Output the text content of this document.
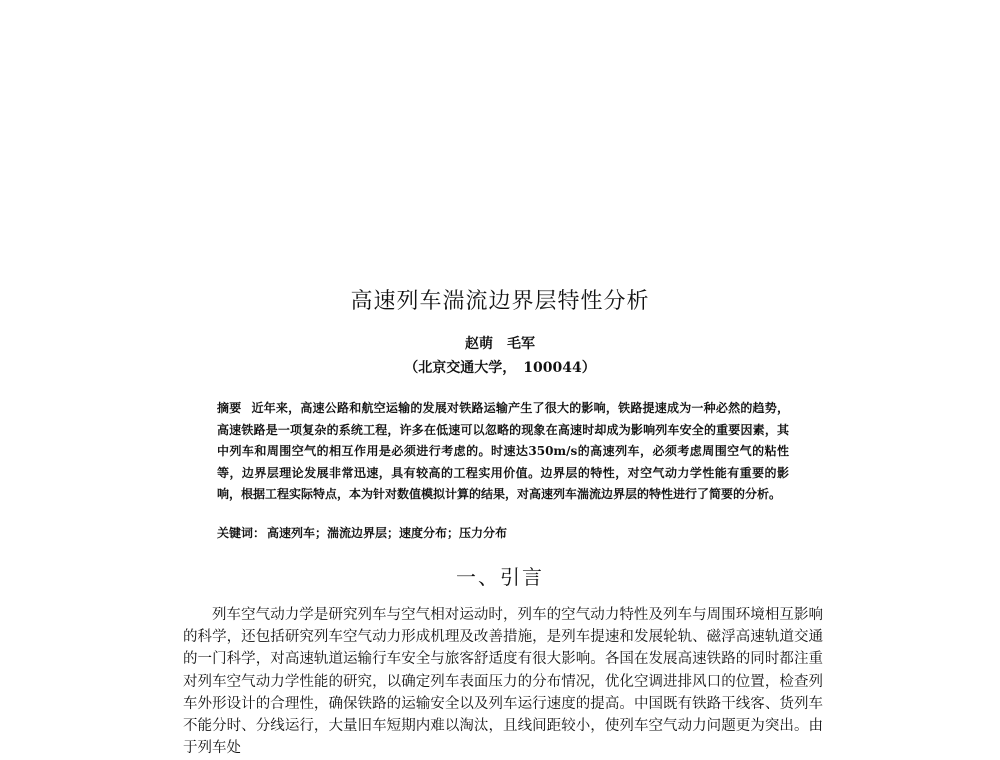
高速列车湍流边界层特性分析
赵萌　毛军
（北京交通大学，　100044）
摘要 近年来，高速公路和航空运输的发展对铁路运输产生了很大的影响，铁路提速成为一种必然的趋势，高速铁路是一项复杂的系统工程，许多在低速可以忽略的现象在高速时却成为影响列车安全的重要因素，其中列车和周围空气的相互作用是必须进行考虑的。时速达350m/s的高速列车，必须考虑周围空气的粘性等，边界层理论发展非常迅速，具有较高的工程实用价值。边界层的特性，对空气动力学性能有重要的影响，根据工程实际特点，本为针对数值模拟计算的结果，对高速列车湍流边界层的特性进行了简要的分析。
关键词： 高速列车；湍流边界层；速度分布；压力分布
一、引言
列车空气动力学是研究列车与空气相对运动时，列车的空气动力特性及列车与周围环境相互影响的科学，还包括研究列车空气动力形成机理及改善措施，是列车提速和发展轮轨、磁浮高速轨道交通的一门科学，对高速轨道运输行车安全与旅客舒适度有很大影响。各国在发展高速铁路的同时都注重对列车空气动力学性能的研究，以确定列车表面压力的分布情况，优化空调进排风口的位置，检查列车外形设计的合理性，确保铁路的运输安全以及列车运行速度的提高。中国既有铁路干线客、货列车不能分时、分线运行，大量旧车短期内难以淘汰，且线间距较小，使列车空气动力问题更为突出。由于列车处
